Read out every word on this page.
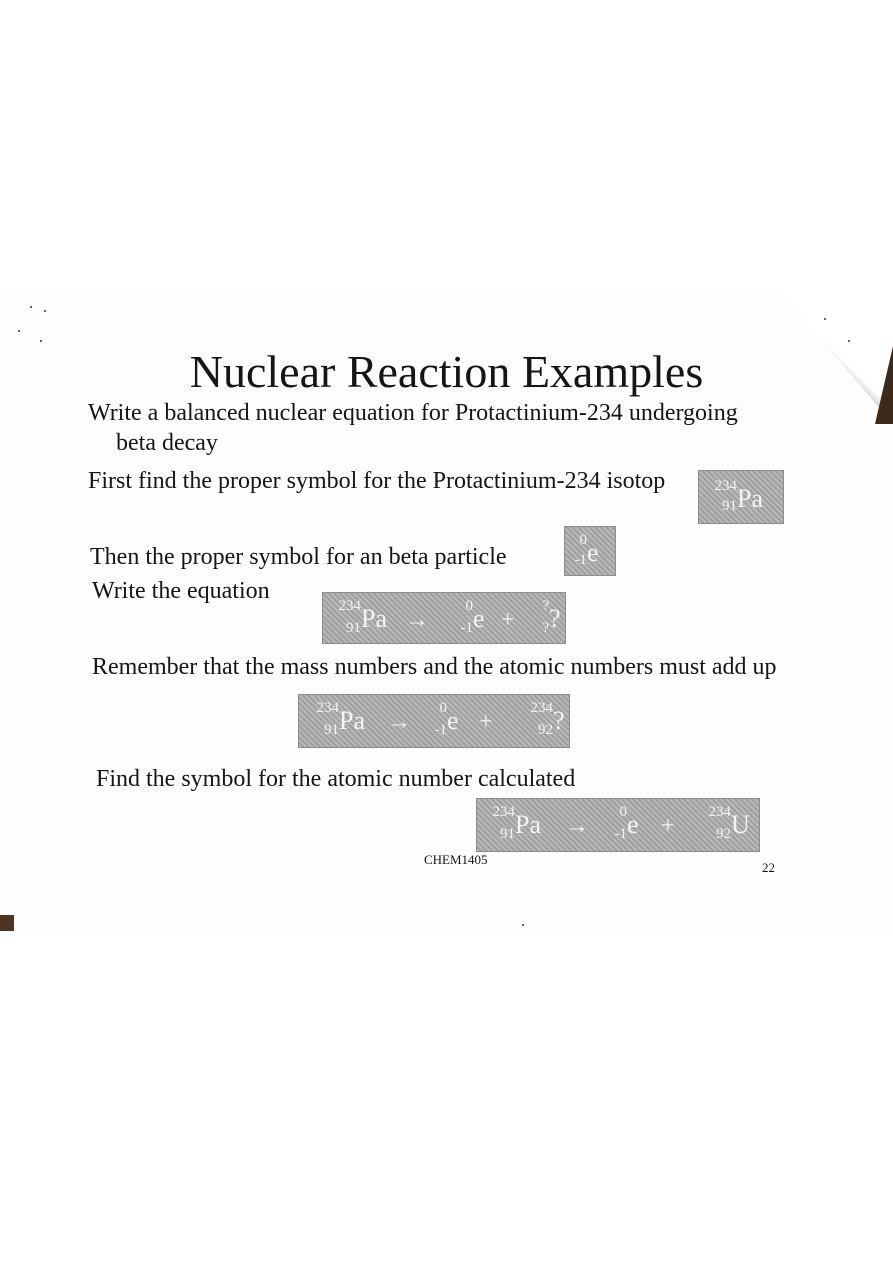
Nuclear Reaction Examples
Write a balanced nuclear equation for Protactinium-234 undergoing
beta decay
First find the proper symbol for the Protactinium-234 isotop	234
91 Pa
Then the proper symbol for an beta particle
0
-1 e
Write the equation
234
91 Pa →
0
-1 e +
?
? ?
Remember that the mass numbers and the atomic numbers must add up
234
91 Pa →
0
-1 e +
234
92 ?
Find the symbol for the atomic number calculated
234
91 Pa →
0
-1 e +
234
92 U
CHEM1405
22
